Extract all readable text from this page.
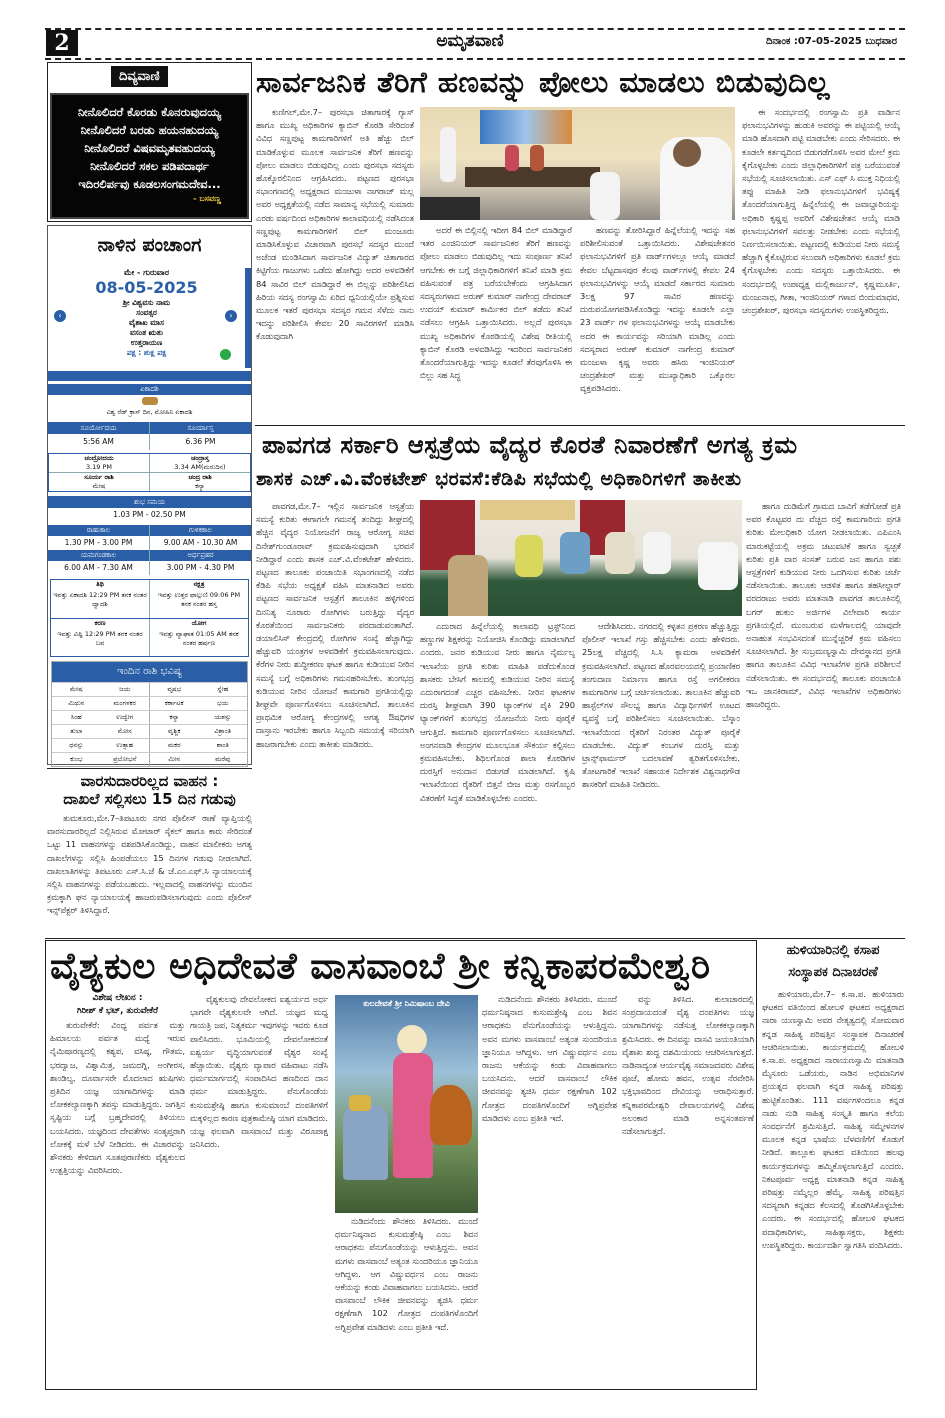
2	ಅಮೃತವಾಣಿ	ದಿನಾಂಕ :07-05-2025 ಬುಧವಾರ
ದಿವ್ಯವಾಣಿ
ನೀನೊಲಿದರೆ ಕೊರಡು ಕೊನರುವುದಯ್ಯ
ನೀನೊಲಿದರೆ ಬರಡು ಹಯನಹುದಯ್ಯ
ನೀನೊಲಿದರೆ ವಿಷವಮೃತವಹುದಯ್ಯ
ನೀನೊಲಿದರೆ ಸಕಲ ಪಡಿಪದಾರ್ಥ
ಇದಿರಲಿರ್ಪವು ಕೂಡಲಸಂಗಮದೇವ...
- ಬಸವಣ್ಣ
ನಾಳಿನ ಪಂಚಾಂಗ
ಮೇ - ಗುರುವಾರ
08-05-2025
ಶ್ರೀ ವಿಶ್ವವಸು ನಾಮ
ಸಂವತ್ಸರ
ವೈಶಾಖ ಮಾಸ
ವಸಂತ ಋತು
ಉತ್ತರಾಯಣ
ಪಕ್ಷ : ಶುಕ್ಲ ಪಕ್ಷ
‹	›
ಏಕಾದಶಿ
ವಿಶ್ವ ರೆಡ್ ಕ್ರಾಸ್ ದಿನ, ಮೋಹಿನಿ ಏಕಾದಶಿ
ಸೂರ್ಯೋದಯ	ಸೂರ್ಯಾಸ್ತ
5:56 AM	6.36 PM
ಚಂದ್ರೋದಯ	ಚಂದ್ರಾಸ್ತ
3.19 PM	3.34 AM(ಮರುದಿನ)
ಸೂರ್ಯ ರಾಶಿ	ಚಂದ್ರ ರಾಶಿ
ಮೇಷ	ಕನ್ಯಾ
ಶುಭ ಸಮಯ
1.03 PM - 02.50 PM
ರಾಹುಕಾಲ	ಗುಳಿಕಕಾಲ
1.30 PM - 3.00 PM	9.00 AM - 10.30 AM
ಯಮಗಂಡಕಾಲ	ಅರ್ಧಪ್ರಹರ
6.00 AM - 7.30 AM	3.00 PM - 4.30 PM
ತಿಥಿ
ಇವತ್ತು ಏಕಾದಶಿ 12:29 PM ತನಕ ನಂತರ ದ್ವಾದಶಿ
ನಕ್ಷತ್ರ
ಇವತ್ತು ಉತ್ತರ ಫಾಲ್ಗುಣಿ 09:06 PM ತನಕ ನಂತರ ಹಸ್ತ
ಕರಣ
ಇವತ್ತು ವಿಷ್ಟಿ 12:29 PM ತನಕ ನಂತರ ಬವ
ಯೋಗ
ಇವತ್ತು ವ್ಯಾಘಾತ 01:05 AM ತನಕ ನಂತರ ಹರ್ಷಣ
ಇಂದಿನ ರಾಶಿ ಭವಿಷ್ಯ
ಮೇಷ	ಜಯ	ವೃಷಭ	ಸ್ನೇಹ
ಮಿಥುನ	ಮಂಗಳಕರ	ಕರ್ಕಾಟಕ	ಭಯ
ಸಿಂಹ	ಉದ್ವೇಗ	ಕನ್ಯಾ	ಯಶಸ್ಸು
ತುಲಾ	ಮೋಸ	ವೃಶ್ಚಿಕ	ವಿಶ್ರಾಂತಿ
ಧನಸ್ಸು	ಉತ್ಸಾಹ	ಮಕರ	ಶಾಂತಿ
ಕುಂಭ	ಪ್ರಲೋಭನೆ	ಮೀನ	ಮರೆವು
ವಾರಸುದಾರರಿಲ್ಲದ ವಾಹನ :
ದಾಖಲೆ ಸಲ್ಲಿಸಲು 15 ದಿನ ಗಡುವು
ತುಮಕೂರು,ಮೇ.7–ತಿಪಟೂರು ನಗರ ಪೊಲೀಸ್ ಠಾಣೆ ವ್ಯಾಪ್ತಿಯಲ್ಲಿ ವಾರಸುದಾರರಿಲ್ಲದೆ ನಿಲ್ಲಿಸಿರುವ ಮೋಟಾರ್ ಸೈಕಲ್ ಹಾಗೂ ಕಾರು ಸೇರಿದಂತೆ ಒಟ್ಟು 11 ವಾಹನಗಳನ್ನು ವಶಪಡಿಸಿಕೊಂಡಿದ್ದು, ವಾಹನ ಮಾಲೀಕರು ಅಗತ್ಯ ದಾಖಲೆಗಳನ್ನು ಸಲ್ಲಿಸಿ ಹಿಂಪಡೆಯಲು 15 ದಿನಗಳ ಗಡುವು ನೀಡಲಾಗಿದೆ. ದಾಖಲಾತಿಗಳನ್ನು ತಿಪಟೂರು ಎಸ್.ಸಿ.ಜೆ & ಜೆ.ಎಂ.ಎಫ್.ಸಿ ನ್ಯಾಯಾಲಯಕ್ಕೆ ಸಲ್ಲಿಸಿ ವಾಹನಗಳನ್ನು ಪಡೆಯಬಹುದು. ಇಲ್ಲವಾದಲ್ಲಿ ವಾಹನಗಳನ್ನು ಮುಂದಿನ ಕ್ರಮಕ್ಕಾಗಿ ಘನ ನ್ಯಾಯಾಲಯಕ್ಕೆ ಹಾಜರುಪಡಿಸಲಾಗುವುದು ಎಂದು ಪೊಲೀಸ್ ಇನ್ಸ್‌ಪೆಕ್ಟರ್ ತಿಳಿಸಿದ್ದಾರೆ.
ಸಾರ್ವಜನಿಕ ತೆರಿಗೆ ಹಣವನ್ನು ಪೋಲು ಮಾಡಲು ಬಿಡುವುದಿಲ್ಲ
ಕುಣಿಗಲ್,ಮೇ.7– ಪುರಸಭಾ ಚಿತಾಗಾರಕ್ಕೆ ಗ್ಯಾಸ್ ಹಾಗೂ ಮುಖ್ಯ ಅಧಿಕಾರಿಗಳ ಕ್ಯಾಬಿನ್ ಕೊಠಡಿ ಸೇರಿದಂತೆ ವಿವಿಧ ಸಣ್ಣಪುಟ್ಟ ಕಾಮಗಾರಿಗಳಿಗೆ ಅತಿ ಹೆಚ್ಚು ಬಿಲ್ ಮಾಡಿಕೊಳ್ಳುವ ಮೂಲಕ ಸಾರ್ವಜನಿಕ ತೆರಿಗೆ ಹಣವನ್ನು ಪೋಲು ಮಾಡಲು ಬಿಡುವುದಿಲ್ಲ ಎಂದು ಪುರಸಭಾ ಸದಸ್ಯರು ಹೊಕ್ಕೊರಲಿನಿಂದ ಆಗ್ರಹಿಸಿದರು. ಪಟ್ಟಣದ ಪುರಸಭಾ ಸಭಾಂಗಣದಲ್ಲಿ ಅಧ್ಯಕ್ಷರಾದ ಮಂಜುಳಾ ನಾಗರಾಜ್ ಮಲ್ಲ ಅವರ ಅಧ್ಯಕ್ಷತೆಯಲ್ಲಿ ನಡೆದ ಸಾಮಾನ್ಯ ಸಭೆಯಲ್ಲಿ ಸುಮಾರು ಎರಡು ವರ್ಷದಿಂದ ಅಧಿಕಾರಿಗಳ ಕಾಲಾವಧಿಯಲ್ಲಿ ನಡೆಸಿದಂತ ಸಣ್ಣಪುಟ್ಟ ಕಾಮಗಾರಿಗಳಿಗೆ ಬಿಲ್ ಮಂಜೂರು ಮಾಡಿಸಿಕೊಳ್ಳುವ ವಿಚಾರವಾಗಿ ಪುರಸಭೆ ಸದಸ್ಯರ ಮುಂದೆ ಅಜೆಂಡ ಮಂಡಿಸಿದಾಗ ಸಾರ್ವಜನಿಕ ವಿದ್ಯುತ್ ಚಿತಾಗಾರದ ಕಿಟ್ಟಿಗೆಯ ಗಾಜುಗಳು ಒಡೆದು ಹೋಗಿದ್ದು ಅದರ ಅಳವಡಿಕೆಗೆ 84 ಸಾವಿರ ಬಿಲ್ ಮಾಡಿದ್ದಾರೆ ಈ ಬಿಲ್ಲನ್ನು ಪರಿಶೀಲಿಸಿದ ಹಿರಿಯ ಸದಸ್ಯ ರಂಗಸ್ವಾಮಿ ಏರಿದ ಧ್ವನಿಯಲ್ಲಿಯೇ ಪ್ರಶ್ನಿಸುವ ಮೂಲಕ ಇತರೆ ಪುರಸಭಾ ಸದಸ್ಯರ ಗಮನ ಸೆಳೆದು ನಾನು ಇದನ್ನು ಪರಿಶೀಲಿಸಿ ಕೇವಲ 20 ಸಾವಿರಗಳಿಗೆ ಮಾಡಿಸಿ ಕೊಡುವುದಾಗಿ
ಅದರೆ ಈ ಬಿಲ್ಲಿನಲ್ಲಿ ಇದೀಗ 84 ಬಿಲ್ ಮಾಡಿದ್ದಾರೆ ಇತರ ಎಂಜಿನಿಯರ್ ಸಾರ್ವಜನಿಕರ ತೆರಿಗೆ ಹಣವನ್ನು ಪೋಲು ಮಾಡಲು ಬಿಡುವುದಿಲ್ಲ ಇದು ಸಂಪೂರ್ಣ ತನಿಖೆ ಆಗಬೇಕು ಈ ಬಗ್ಗೆ ಜಿಲ್ಲಾಧಿಕಾರಿಗಳಿಗೆ ತನಿಖೆ ಮಾಡಿ ಕ್ರಮ ವಹಿಸುವಂತೆ ಪತ್ರ ಬರೆಯಬೇಕೆಂದು ಆಗ್ರಹಿಸಿದಾಗ ಸದಸ್ಯರುಗಳಾದ ಅರುಣ್ ಕುಮಾರ್ ನಾಗೇಂದ್ರ ದೇವರಾಜ್ ಉದಯ್ ಕುಮಾರ್ ಕಾರ್ಮಿಕರ ಬಿಲ್ ತಡೆದು ತನಿಖೆ ನಡೆಸಲು ಆಗ್ರಹಿಸಿ ಒತ್ತಾಯಿಸಿದರು. ಅಲ್ಲದೆ ಪುರಸಭಾ ಮುಖ್ಯ ಅಧಿಕಾರಿಗಳ ಕೊಠಡಿಯಲ್ಲಿ ವಿಶೇಷ ರೀತಿಯಲ್ಲಿ ಕ್ಯಾಬಿನ್ ಕೊಠಡಿ ಅಳವಡಿಸಿದ್ದು ಇದರಿಂದ ಸಾರ್ವಜನಿಕರ ತೊಂದರೆಯಾಗುತ್ತಿದ್ದು ಇದನ್ನು ಕೂಡಲೆ ತೆರವುಗೊಳಿಸಿ ಈ ಬಿಲ್ಲು ಸಹ ಸಿದ್ಧ
ಹಣವನ್ನು ತೋರಿಸಿದ್ದಾರೆ ಹಿನ್ನೆಲೆಯಲ್ಲಿ ಇದನ್ನು ಸಹ ಪರಿಶೀಲಿಸುವಂತೆ ಒತ್ತಾಯಿಸಿದರು. ವಿಶೇಷಚೇತನರ ಫಲಾನುಭವಿಗಳಿಗೆ ಪ್ರತಿ ವಾರ್ಡ್‌ಗಳಲ್ಲೂ ಆಯ್ಕೆ ಮಾಡದೆ ಕೇವಲ ಬೆಟ್ಟದಾಸಪುರ ಕೆಲವು ವಾರ್ಡ್‌ಗಳಲ್ಲಿ ಕೇವಲ 24 ಫಲಾನುಭವಿಗಳನ್ನು ಆಯ್ಕೆ ಮಾಡದೆ ಸರ್ಕಾರದ ಸುಮಾರು 3ಲಕ್ಷ 97 ಸಾವಿರ ಹಣವನ್ನು ದುರುಪಯೋಗಪಡಿಸಿಕೊಂಡಿದ್ದು ಇದನ್ನು ಕೂಡಲೇ ಎಲ್ಲಾ 23 ವಾರ್ಡ್ ಗಳ ಫಲಾನುಭವಿಗಳನ್ನು ಆಯ್ಕೆ ಮಾಡಬೇಕು ಅದರ ಈ ಕಾರ್ಯವನ್ನು ಸರಿಯಾಗಿ ಮಾಡಿಲ್ಲ ಎಂದು ಸದಸ್ಯರಾದ ಅರುಣ್ ಕುಮಾರ್ ನಾಗೇಂದ್ರ ಕುಮಾರ್ ಮಂಜುಳಾ ಕೃಷ್ಣ ಅವರು ಹಸಿರು ಇಂಜಿನಿಯರ್ ಚಂದ್ರಶೇಖರ್ ಮತ್ತು ಮುಖ್ಯಾಧಿಕಾರಿ ಒಕ್ಕೊರಲ ವ್ಯಕ್ತಪಡಿಸಿದರು.
ಈ ಸಂದರ್ಭದಲ್ಲಿ ರಂಗಸ್ವಾಮಿ ಪ್ರತಿ ವಾರ್ಡಿನ ಫಲಾನುಭವಿಗಳನ್ನು ಹುಡುಕಿ ಅವರನ್ನು ಈ ಪಟ್ಟಿಯಲ್ಲಿ ಆಯ್ಕೆ ಮಾಡಿ ಹೊಸದಾಗಿ ಪಟ್ಟಿ ಮಾಡಬೇಕು ಎಂದು ಸೇರಿಸದರು. ಈ ಕೂಡಲೇ ಕರ್ತವ್ಯದಿಂದ ಬಿಡುಗಡೆಗೊಳಿಸಿ ಅವರ ಮೇಲೆ ಕ್ರಮ ಕೈಗೊಳ್ಳಬೇಕು ಎಂದು ಜಿಲ್ಲಾಧಿಕಾರಿಗಳಿಗೆ ಪತ್ರ ಬರೆಯುವಂತೆ ಸಭೆಯಲ್ಲಿ ಸೂಚಿಸಲಾಯಿತು. ಎಸ್ ಎಫ್ ಸಿ ಮುಕ್ತ ನಿಧಿಯಲ್ಲಿ ತಪ್ಪು ಮಾಹಿತಿ ನೀಡಿ ಫಲಾನುಭವಿಗಳಿಗೆ ಭವಿಷ್ಯಕ್ಕೆ ತೊಂದರೆಯಾಗುತ್ತಿದ್ದ ಹಿನ್ನೆಲೆಯಲ್ಲಿ ಈ ಜವಾಬ್ದಾರಿಯನ್ನು ಅಧಿಕಾರಿ ಕೃಷ್ಣಪ್ಪ ಅವರಿಗೆ ವಿಶೇಷಚೇತನ ಆಯ್ಕೆ ಮಾಡಿ ಫಲಾನುಭವಿಗಳಿಗೆ ಸವಲತ್ತು ನೀಡಬೇಕು ಎಂದು ಸಭೆಯಲ್ಲಿ ನಿರ್ಣಯಿಸಲಾಯಿತು. ಪಟ್ಟಣದಲ್ಲಿ ಕುಡಿಯುವ ನೀರು ಸಮಸ್ಯೆ ಹೆಚ್ಚಾಗಿ ಕೈಕೊಟ್ಟಿರುವ ಸಲುವಾಗಿ ಅಧಿಕಾರಿಗಳು ಕೂಡಲೆ ಕ್ರಮ ಕೈಗೊಳ್ಳಬೇಕು ಎಂದು ಸದಸ್ಯರು ಒತ್ತಾಯಿಸಿದರು. ಈ ಸಂದರ್ಭದಲ್ಲಿ ಉಪಾಧ್ಯಕ್ಷ ಮಲ್ಲಿಕಾರ್ಜುನ್, ಕೃಷ್ಣಮೂರ್ತಿ, ಮಂಜುನಾಥ, ಗೀತಾ, ಇಂಜಿನಿಯರ್ ಗಳಾದ ಬಿಂದುಮಾಧವ, ಚಂದ್ರಶೇಖರ್, ಪುರಸಭಾ ಸದಸ್ಯರುಗಳು ಉಪಸ್ಥಿತರಿದ್ದರು.
ಪಾವಗಡ ಸರ್ಕಾರಿ ಆಸ್ಪತ್ರೆಯ ವೈದ್ಯರ ಕೊರತೆ ನಿವಾರಣೆಗೆ ಅಗತ್ಯ ಕ್ರಮ
ಶಾಸಕ ಎಚ್.ವಿ.ವೆಂಕಟೇಶ್ ಭರವಸೆ:ಕೆಡಿಪಿ ಸಭೆಯಲ್ಲಿ ಅಧಿಕಾರಿಗಳಿಗೆ ತಾಕೀತು
ಪಾವಗಡ,ಮೇ.7– ಇಲ್ಲಿನ ಸಾರ್ವಜನಿಕ ಆಸ್ಪತ್ರೆಯ ಸಮಸ್ಯೆ ಕುರಿತು ಈಗಾಗಲೇ ಗಮನಕ್ಕೆ ತಂದಿದ್ದು ಶೀಘ್ರದಲ್ಲಿ ಹೆಚ್ಚಿನ ವೈದ್ಯರ ನಿಯೋಜನೆಗೆ ರಾಜ್ಯ ಆರೋಗ್ಯ ಸಚಿವ ದಿನೇಶ್‌ಗುಂಡೂರಾವ್ ಕ್ರಮವಹಿಸುವುದಾಗಿ ಭರವಸೆ ನೀಡಿದ್ದಾರೆ ಎಂದು ಶಾಸಕ ಎಚ್.ವಿ.ವೆಂಕಟೇಶ್ ಹೇಳಿದರು. ಪಟ್ಟಣದ ತಾಲೂಕು ಪಂಚಾಯಿತಿ ಸಭಾಂಗಣದಲ್ಲಿ ನಡೆದ ಕೆಡಿಪಿ ಸಭೆಯ ಅಧ್ಯಕ್ಷತೆ ವಹಿಸಿ ಮಾತನಾಡಿದ ಅವರು ಪಟ್ಟಣದ ಸಾರ್ವಜನಿಕ ಆಸ್ಪತ್ರೆಗೆ ತಾಲೂಕಿನ ಹಳ್ಳಿಗಳಿಂದ ದಿನನಿತ್ಯ ನೂರಾರು ರೋಗಿಗಳು ಬರುತ್ತಿದ್ದು ವೈದ್ಯರ ಕೊರತೆಯಿಂದ ಸಾರ್ವಜನಿಕರು ಪರದಾಡುವಂತಾಗಿದೆ. ಡಯಾಲಿಸಿಸ್ ಕೇಂದ್ರದಲ್ಲಿ ರೋಗಿಗಳ ಸಂಖ್ಯೆ ಹೆಚ್ಚಾಗಿದ್ದು ಹೆಚ್ಚುವರಿ ಯಂತ್ರಗಳ ಅಳವಡಿಕೆಗೆ ಕ್ರಮವಹಿಸಲಾಗುವುದು. ಕೆರೆಗಳ ನೀರು ಶುದ್ಧೀಕರಣ ಘಟಕ ಹಾಗೂ ಕುಡಿಯುವ ನೀರಿನ ಸಮಸ್ಯೆ ಬಗ್ಗೆ ಅಧಿಕಾರಿಗಳು ಗಮನಹರಿಸಬೇಕು. ತುಂಗಭದ್ರ ಕುಡಿಯುವ ನೀರಿನ ಯೋಜನೆ ಕಾಮಗಾರಿ ಪ್ರಗತಿಯಲ್ಲಿದ್ದು ಶೀಘ್ರವೇ ಪೂರ್ಣಗೊಳಿಸಲು ಸೂಚಿಸಲಾಗಿದೆ. ತಾಲೂಕಿನ ಪ್ರಾಥಮಿಕ ಆರೋಗ್ಯ ಕೇಂದ್ರಗಳಲ್ಲಿ ಅಗತ್ಯ ಔಷಧಿಗಳ ದಾಸ್ತಾನು ಇರಬೇಕು ಹಾಗೂ ಸಿಬ್ಬಂದಿ ಸಮಯಕ್ಕೆ ಸರಿಯಾಗಿ ಹಾಜರಾಗಬೇಕು ಎಂದು ತಾಕೀತು ಮಾಡಿದರು.
ಎದುರಾದ ಹಿನ್ನೆಲೆಯಲ್ಲಿ ಕಾಲಾವಧಿ ಟ್ರಸ್ಟ್‌ನಿಂದ ಹಣ್ಣುಗಳ ಶಿಕ್ಷಕರನ್ನು ನಿಯೋಜಿಸಿ ಕೊಂಡಿದ್ದು ಮಾಡಲಾಗಿದೆ ಎಂದರು. ಜನರ ಕುಡಿಯುವ ನೀರು ಹಾಗೂ ನೈರ್ಮಲ್ಯ ಇಲಾಖೆಯ ಪ್ರಗತಿ ಕುರಿತು ಮಾಹಿತಿ ಪಡೆದುಕೊಂಡ ಶಾಸಕರು ಬೇಸಿಗೆ ಕಾಲದಲ್ಲಿ ಕುಡಿಯುವ ನೀರಿನ ಸಮಸ್ಯೆ ಎದುರಾಗದಂತೆ ಎಚ್ಚರ ವಹಿಸಬೇಕು. ನೀರಿನ ಘಟಕಗಳ ದುರಸ್ತಿ ಶೀಘ್ರವಾಗಿ 390 ಟ್ಯಾಂಕ್‌ಗಳ ಪೈಕಿ 290 ಟ್ಯಾಂಕ್‌ಗಳಿಗೆ ತುಂಗಭದ್ರ ಯೋಜನೆಯ ನೀರು ಪೂರೈಕೆ ಆಗುತ್ತಿದೆ. ಕಾಮಗಾರಿ ಪೂರ್ಣಗೊಳಿಸಲು ಸೂಚಿಸಲಾಗಿದೆ. ಅಂಗನವಾಡಿ ಕೇಂದ್ರಗಳ ಮೂಲಭೂತ ಸೌಕರ್ಯ ಕಲ್ಪಿಸಲು ಕ್ರಮವಹಿಸಬೇಕು. ಶಿಥಿಲಗೊಂಡ ಶಾಲಾ ಕೊಠಡಿಗಳ ದುರಸ್ತಿಗೆ ಅನುದಾನ ಬಿಡುಗಡೆ ಮಾಡಲಾಗಿದೆ. ಕೃಷಿ ಇಲಾಖೆಯಿಂದ ರೈತರಿಗೆ ಬಿತ್ತನೆ ಬೀಜ ಮತ್ತು ರಸಗೊಬ್ಬರ ವಿತರಣೆಗೆ ಸಿದ್ಧತೆ ಮಾಡಿಕೊಳ್ಳಬೇಕು ಎಂದರು.
ಆದೇಶಿಸಿದರು. ನಗರದಲ್ಲಿ ಕಳ್ಳತನ ಪ್ರಕರಣ ಹೆಚ್ಚುತ್ತಿದ್ದು ಪೊಲೀಸ್ ಇಲಾಖೆ ಗಸ್ತು ಹೆಚ್ಚಿಸಬೇಕು ಎಂದು ಹೇಳಿದರು. 25ಲಕ್ಷ ವೆಚ್ಚದಲ್ಲಿ ಸಿ.ಸಿ ಕ್ಯಾಮರಾ ಅಳವಡಿಕೆಗೆ ಕ್ರಮವಹಿಸಲಾಗಿದೆ. ಪಟ್ಟಣದ ಹೊರವಲಯದಲ್ಲಿ ಪ್ರಯಾಣಿಕರ ತಂಗುದಾಣ ನಿರ್ಮಾಣ ಹಾಗೂ ರಸ್ತೆ ಅಗಲೀಕರಣ ಕಾಮಗಾರಿಗಳ ಬಗ್ಗೆ ಚರ್ಚಿಸಲಾಯಿತು. ತಾಲೂಕಿನ ಹೆಚ್ಚುವರಿ ಹಾಸ್ಟೆಲ್‌ಗಳ ಸೌಲಭ್ಯ ಹಾಗೂ ವಿದ್ಯಾರ್ಥಿಗಳಿಗೆ ಊಟದ ವ್ಯವಸ್ಥೆ ಬಗ್ಗೆ ಪರಿಶೀಲಿಸಲು ಸೂಚಿಸಲಾಯಿತು. ಬೆಸ್ಕಾಂ ಇಲಾಖೆಯಿಂದ ರೈತರಿಗೆ ನಿರಂತರ ವಿದ್ಯುತ್ ಪೂರೈಕೆ ಮಾಡಬೇಕು. ವಿದ್ಯುತ್ ಕಂಬಗಳ ದುರಸ್ತಿ ಮತ್ತು ಟ್ರಾನ್ಸ್‌ಫಾರ್ಮರ್ ಬದಲಾವಣೆ ತ್ವರಿತಗೊಳಿಸಬೇಕು. ತೋಟಗಾರಿಕೆ ಇಲಾಖೆ ಸಹಾಯಕ ನಿರ್ದೇಶಕ ವಿಶ್ವನಾಥಗೌಡ ಶಾಸಕರಿಗೆ ಮಾಹಿತಿ ನೀಡಿದರು.
ಹಾಗೂ ದುಡಿಮೆಗೆ ಗ್ರಾಮದ ಬಾವಿಗೆ ತಡೆಗೋಡೆ ಪ್ರತಿ ಅವರ ಕೊಟ್ಟವರ ದು ವೆಚ್ಚದ ರಸ್ತೆ ಕಾಮಗಾರಿಯ ಪ್ರಗತಿ ಕುರಿತು ಮೇಲಧಿಕಾರಿ ಯೋಗ ನೀಡಲಾಯಿತು. ಎಪಿಎಂಸಿ ಮಾರುಕಟ್ಟೆಯಲ್ಲಿ ಅಕ್ರಮ ಚಟುವಟಿಕೆ ಹಾಗೂ ಸ್ವಚ್ಛತೆ ಕುರಿತು ಪ್ರತಿ ವಾರ ಸಂಸತ್ ಬರುವ ಜನ ಹಾಗೂ ಪಶು ಆಸ್ಪತ್ರೆಗಳಿಗೆ ಕುಡಿಯುವ ನೀರು ಒದಗಿಸುವ ಕುರಿತು ಚರ್ಚೆ ನಡೆಸಲಾಯಿತು. ತಾಲೂಕು ಆಡಳಿತ ಹಾಗೂ ತಹಸೀಲ್ದಾರ್ ವರದರಾಜು ಅವರು ಮಾತನಾಡಿ ಪಾವಗಡ ತಾಲೂಕಿನಲ್ಲಿ ಬಗರ್ ಹುಕುಂ ಅರ್ಜಿಗಳ ವಿಲೇವಾರಿ ಕಾರ್ಯ ಪ್ರಗತಿಯಲ್ಲಿದೆ. ಮುಂಬರುವ ಮಳೆಗಾಲದಲ್ಲಿ ಯಾವುದೇ ಅನಾಹುತ ಸಂಭವಿಸದಂತೆ ಮುನ್ನೆಚ್ಚರಿಕೆ ಕ್ರಮ ವಹಿಸಲು ಸೂಚಿಸಲಾಗಿದೆ. ಶ್ರೀ ಸುಬ್ರಮಣ್ಯಸ್ವಾಮಿ ದೇವಸ್ಥಾನದ ಪ್ರಗತಿ ಹಾಗೂ ತಾಲೂಕಿನ ವಿವಿಧ ಇಲಾಖೆಗಳ ಪ್ರಗತಿ ಪರಿಶೀಲನೆ ನಡೆಸಲಾಯಿತು. ಈ ಸಂದರ್ಭದಲ್ಲಿ ತಾಲೂಕು ಪಂಚಾಯಿತಿ ಇಒ ಜಾನಕಿರಾಮ್, ವಿವಿಧ ಇಲಾಖೆಗಳ ಅಧಿಕಾರಿಗಳು ಹಾಜರಿದ್ದರು.
ವೈಶ್ಯಕುಲ ಅಧಿದೇವತೆ ವಾಸವಾಂಬೆ ಶ್ರೀ ಕನ್ನಿಕಾಪರಮೇಶ್ವರಿ
ವಿಶೇಷ ಲೇಖನ :
ಗಿರೀಶ್ ಕೆ ಭಟ್, ತುರುವೇಕೆರೆ
ತುರುವೇಕೆರೆ: ವಿಂಧ್ಯ ಪರ್ವತ ಮತ್ತು ಹಿಮಾಲಯ ಪರ್ವತ ಮಧ್ಯೆ ಇರುವ ನೈಮಿಷಾರಣ್ಯದಲ್ಲಿ ಕಶ್ಯಪ, ವಸಿಷ್ಠ, ಗೌತಮ, ಭರದ್ವಾಜ, ವಿಶ್ವಾಮಿತ್ರ, ಜಮದಗ್ನಿ, ಅಂಗೀರಸ, ಶಾಂಡಿಲ್ಯ, ದೂರ್ವಾಸರೇ ಮೊದಲಾದ ಋಷಿಗಳು ಪ್ರತಿದಿನ ಯಜ್ಞ ಯಾಗಾದಿಗಳನ್ನು ಮಾಡಿ ಲೋಕಕಲ್ಯಾಣಕ್ಕಾಗಿ ತಪಸ್ಸು ಮಾಡುತ್ತಿದ್ದರು. ಜಗತ್ತಿನ ಸೃಷ್ಟಿಯ ಬಗ್ಗೆ ಬ್ರಹ್ಮದೇವರಲ್ಲಿ ತಿಳಿಯಲು ಬಯಸಿದರು. ಯಜ್ಞದಿಂದ ದೇವತೆಗಳು ಸಂತೃಪ್ತರಾಗಿ ಲೋಕಕ್ಕೆ ಮಳೆ ಬೆಳೆ ನೀಡಿದರು. ಈ ವಿಚಾರವನ್ನು ಶೌನಕರು ಕೇಳಿದಾಗ ಸೂತಪುರಾಣಿಕರು ವೈಶ್ಯಕುಲದ ಉತ್ಪತ್ತಿಯನ್ನು ವಿವರಿಸಿದರು.
ವೈಶ್ಯಕುಲವು ದೇವಲೋಕದ ಐಶ್ವರ್ಯದ ಅರ್ಧ ಭಾಗವೇ ವೈಶ್ಯಕುಲವೇ ಆಗಿದೆ. ಯಜ್ಞದ ಮಧ್ಯ ಗಾಯತ್ರಿ ಜಪ, ನಿತ್ಯಕರ್ಮ ಇವುಗಳನ್ನು ಇವರು ಕೂಡ ಪಾಲಿಸಿದರು. ಭೂಮಿಯಲ್ಲಿ ದೇವಲೋಕದಂತೆ ಐಶ್ವರ್ಯ ವೃದ್ಧಿಯಾಗುವಂತೆ ವೈಶ್ಯರ ಸಂಖ್ಯೆ ಹೆಚ್ಚಾಯಿತು. ವೈಶ್ಯರು ವ್ಯಾಪಾರ ವಹಿವಾಟು ನಡೆಸಿ ಧರ್ಮಮಾರ್ಗದಲ್ಲಿ ಸಂಪಾದಿಸಿದ ಹಣದಿಂದ ದಾನ ಧರ್ಮ ಮಾಡುತ್ತಿದ್ದರು. ಪೆನುಗೊಂಡೆಯ ಕುಸುಮಶ್ರೇಷ್ಠಿ ಹಾಗೂ ಕುಸುಮಾಂಬೆ ದಂಪತಿಗಳಿಗೆ ಮಕ್ಕಳಿಲ್ಲದ ಕಾರಣ ಪುತ್ರಕಾಮೇಷ್ಠಿ ಯಾಗ ಮಾಡಿದರು. ಯಜ್ಞ ಫಲವಾಗಿ ವಾಸವಾಂಬೆ ಮತ್ತು ವಿರೂಪಾಕ್ಷ ಜನಿಸಿದರು.
ಕುಲದೇವತೆ ಶ್ರೀ ನಿಮಿಷಾಂಬ ದೇವಿ
ನುಡಿದನೆಂದು ಶೌನಕರು ತಿಳಿಸಿದರು. ಮುಂದೆ ಧರ್ಮನಿಷ್ಠನಾದ ಕುಸುಮಶ್ರೇಷ್ಠಿ ಎಂಬ ಶಿವನ ಆರಾಧಕನು ಪೆನುಗೊಂಡೆಯನ್ನು ಆಳುತ್ತಿದ್ದನು. ಅವನ ಮಗಳು ವಾಸವಾಂಬೆ ಅತ್ಯಂತ ಸುಂದರಿಯೂ ಜ್ಞಾನಿಯೂ ಆಗಿದ್ದಳು. ಆಗ ವಿಷ್ಣುವರ್ಧನ ಎಂಬ ರಾಜನು ಆಕೆಯನ್ನು ಕಂಡು ವಿವಾಹವಾಗಲು ಬಯಸಿದನು. ಆದರೆ ವಾಸವಾಂಬೆ ಲೌಕಿಕ ಜೀವನವನ್ನು ತ್ಯಜಿಸಿ ಧರ್ಮ ರಕ್ಷಣೆಗಾಗಿ 102 ಗೋತ್ರದ ದಂಪತಿಗಳೊಂದಿಗೆ ಅಗ್ನಿಪ್ರವೇಶ ಮಾಡಿದಳು ಎಂಬ ಪ್ರತೀತಿ ಇದೆ.
ನುಡಿದನೆಂದು ಶೌನಕರು ತಿಳಿಸಿದರು. ಮುಂದೆ ಧರ್ಮನಿಷ್ಠನಾದ ಕುಸುಮಶ್ರೇಷ್ಠಿ ಎಂಬ ಶಿವನ ಆರಾಧಕನು ಪೆನುಗೊಂಡೆಯನ್ನು ಆಳುತ್ತಿದ್ದನು. ಅವನ ಮಗಳು ವಾಸವಾಂಬೆ ಅತ್ಯಂತ ಸುಂದರಿಯೂ ಜ್ಞಾನಿಯೂ ಆಗಿದ್ದಳು. ಆಗ ವಿಷ್ಣುವರ್ಧನ ಎಂಬ ರಾಜನು ಆಕೆಯನ್ನು ಕಂಡು ವಿವಾಹವಾಗಲು ಬಯಸಿದನು. ಆದರೆ ವಾಸವಾಂಬೆ ಲೌಕಿಕ ಜೀವನವನ್ನು ತ್ಯಜಿಸಿ ಧರ್ಮ ರಕ್ಷಣೆಗಾಗಿ 102 ಗೋತ್ರದ ದಂಪತಿಗಳೊಂದಿಗೆ ಅಗ್ನಿಪ್ರವೇಶ ಮಾಡಿದಳು ಎಂಬ ಪ್ರತೀತಿ ಇದೆ.
ವನ್ನು ತಿಳಿಸಿದ. ಕುಲಾಚಾರದಲ್ಲಿ ಸಂಪ್ರದಾಯದಂತೆ ವೈಶ್ಯ ದಂಪತಿಗಳು ಯಜ್ಞ ಯಾಗಾದಿಗಳನ್ನು ನಡೆಸುತ್ತ ಲೋಕಕಲ್ಯಾಣಕ್ಕಾಗಿ ಶ್ರಮಿಸಿದರು. ಈ ದಿನವನ್ನು ವಾಸವಿ ಜಯಂತಿಯಾಗಿ ವೈಶಾಖ ಶುದ್ಧ ದಶಮಿಯಂದು ಆಚರಿಸಲಾಗುತ್ತದೆ. ನಾಡಿನಾದ್ಯಂತ ಆರ್ಯವೈಶ್ಯ ಸಮಾಜದವರು ವಿಶೇಷ ಪೂಜೆ, ಹೋಮ ಹವನ, ಉತ್ಸವ ನೆರವೇರಿಸಿ ಭಕ್ತಿಭಾವದಿಂದ ದೇವಿಯನ್ನು ಆರಾಧಿಸುತ್ತಾರೆ. ಕನ್ನಿಕಾಪರಮೇಶ್ವರಿ ದೇವಾಲಯಗಳಲ್ಲಿ ವಿಶೇಷ ಅಲಂಕಾರ ಮಾಡಿ ಅನ್ನಸಂತರ್ಪಣೆ ನಡೆಸಲಾಗುತ್ತದೆ.
ಹುಳಿಯಾರಿನಲ್ಲಿ ಕಸಾಪ
ಸಂಸ್ಥಾಪಕ ದಿನಾಚರಣೆ
ಹುಳಿಯಾರು,ಮೇ.7– ಕ.ಸಾ.ಪ. ಹುಳಿಯಾರು ಘಟಕದ ವತಿಯಿಂದ ಹೋಬಳಿ ಘಟಕದ ಅಧ್ಯಕ್ಷರಾದ ನಾರಾ ಯಣಸ್ವಾಮಿ ಅವರ ನೇತೃತ್ವದಲ್ಲಿ ಸೋಮವಾರ ಕನ್ನಡ ಸಾಹಿತ್ಯ ಪರಿಷತ್ತಿನ ಸಂಸ್ಥಾಪಕ ದಿನಾಚರಣೆ ಆಚರಿಸಲಾಯಿತು. ಕಾರ್ಯಕ್ರಮದಲ್ಲಿ ಹೋಬಳಿ ಕ.ಸಾ.ಪ. ಅಧ್ಯಕ್ಷರಾದ ನಾರಾಯಣಸ್ವಾಮಿ ಮಾತನಾಡಿ ಮೈಸೂರು ಒಡೆಯರು, ನಾಡಿನ ಅಭಿಮಾನಿಗಳ ಪ್ರಯತ್ನದ ಫಲವಾಗಿ ಕನ್ನಡ ಸಾಹಿತ್ಯ ಪರಿಷತ್ತು ಹುಟ್ಟಿಕೊಂಡಿತು. 111 ವರ್ಷಗಳಿಂದಲೂ ಕನ್ನಡ ನಾಡು ನುಡಿ ಸಾಹಿತ್ಯ ಸಂಸ್ಕೃತಿ ಹಾಗೂ ಕಲೆಯ ಸಂವರ್ಧನೆಗೆ ಶ್ರಮಿಸುತ್ತಿದೆ. ಸಾಹಿತ್ಯ ಸಮ್ಮೇಳನಗಳ ಮೂಲಕ ಕನ್ನಡ ಭಾಷೆಯ ಬೆಳವಣಿಗೆಗೆ ಕೊಡುಗೆ ನೀಡಿದೆ. ತಾಲ್ಲೂಕು ಘಟಕದ ವತಿಯಿಂದ ಹಲವು ಕಾರ್ಯಕ್ರಮಗಳನ್ನು ಹಮ್ಮಿಕೊಳ್ಳಲಾಗುತ್ತಿದೆ ಎಂದರು. ನಿಕಟಪೂರ್ವ ಅಧ್ಯಕ್ಷ ಮಾತನಾಡಿ ಕನ್ನಡ ಸಾಹಿತ್ಯ ಪರಿಷತ್ತು ನಮ್ಮೆಲ್ಲರ ಹೆಮ್ಮೆ. ಸಾಹಿತ್ಯ ಪರಿಷತ್ತಿನ ಸದಸ್ಯರಾಗಿ ಕನ್ನಡದ ಕೆಲಸದಲ್ಲಿ ತೊಡಗಿಸಿಕೊಳ್ಳಬೇಕು ಎಂದರು. ಈ ಸಂದರ್ಭದಲ್ಲಿ ಹೋಬಳಿ ಘಟಕದ ಪದಾಧಿಕಾರಿಗಳು, ಸಾಹಿತ್ಯಾಸಕ್ತರು, ಶಿಕ್ಷಕರು ಉಪಸ್ಥಿತರಿದ್ದರು. ಕಾರ್ಯದರ್ಶಿ ಸ್ವಾಗತಿಸಿ ವಂದಿಸಿದರು.
